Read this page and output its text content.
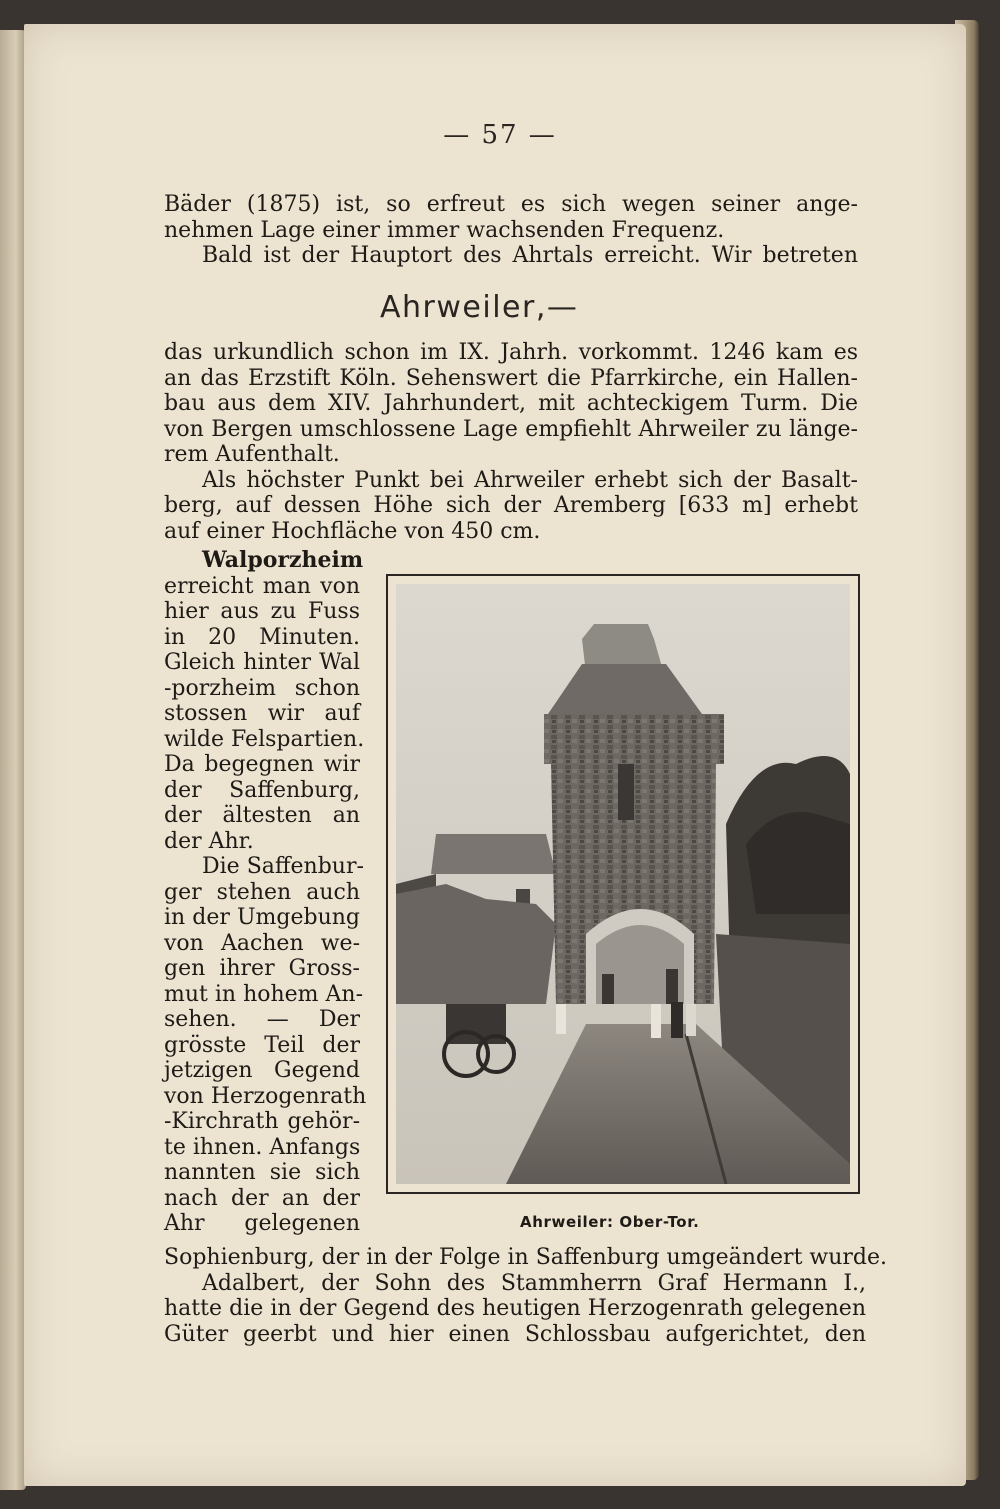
— 57 —
Bäder (1875) ist, so erfreut es sich wegen seiner ange-
nehmen Lage einer immer wachsenden Frequenz.
Bald ist der Hauptort des Ahrtals erreicht. Wir betreten
Ahrweiler,—
das urkundlich schon im IX. Jahrh. vorkommt. 1246 kam es
an das Erzstift Köln. Sehenswert die Pfarrkirche, ein Hallen-
bau aus dem XIV. Jahrhundert, mit achteckigem Turm. Die
von Bergen umschlossene Lage empfiehlt Ahrweiler zu länge-
rem Aufenthalt.
Als höchster Punkt bei Ahrweiler erhebt sich der Basalt-
berg, auf dessen Höhe sich der Aremberg [633 m] erhebt
auf einer Hochfläche von 450 cm.
Walporzheim
erreicht man von
hier aus zu Fuss
in 20 Minuten.
Gleich hinter Wal
-porzheim schon
stossen wir auf
wilde Felspartien.
Da begegnen wir
der Saffenburg,
der ältesten an
der Ahr.
Die Saffenbur-
ger stehen auch
in der Umgebung
von Aachen we-
gen ihrer Gross-
mut in hohem An-
sehen. — Der
grösste Teil der
jetzigen Gegend
von Herzogenrath
-Kirchrath gehör-
te ihnen. Anfangs
nannten sie sich
nach der an der
Ahr gelegenen	Ahrweiler: Ober-Tor.
Sophienburg, der in der Folge in Saffenburg umgeändert wurde.
Adalbert, der Sohn des Stammherrn Graf Hermann I.,
hatte die in der Gegend des heutigen Herzogenrath gelegenen
Güter geerbt und hier einen Schlossbau aufgerichtet, den
